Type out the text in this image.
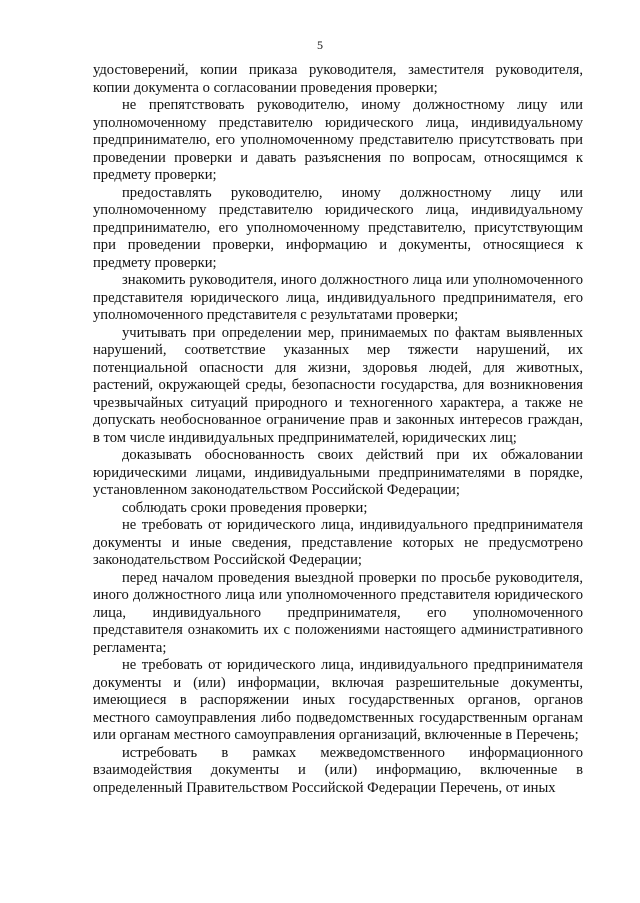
5

удостоверений, копии приказа руководителя, заместителя руководителя, копии документа о согласовании проведения проверки;

не препятствовать руководителю, иному должностному лицу или уполномоченному представителю юридического лица, индивидуальному предпринимателю, его уполномоченному представителю присутствовать при проведении проверки и давать разъяснения по вопросам, относящимся к предмету проверки;

предоставлять руководителю, иному должностному лицу или уполномоченному представителю юридического лица, индивидуальному предпринимателю, его уполномоченному представителю, присутствующим при проведении проверки, информацию и документы, относящиеся к предмету проверки;

знакомить руководителя, иного должностного лица или уполномоченного представителя юридического лица, индивидуального предпринимателя, его уполномоченного представителя с результатами проверки;

учитывать при определении мер, принимаемых по фактам выявленных нарушений, соответствие указанных мер тяжести нарушений, их потенциальной опасности для жизни, здоровья людей, для животных, растений, окружающей среды, безопасности государства, для возникновения чрезвычайных ситуаций природного и техногенного характера, а также не допускать необоснованное ограничение прав и законных интересов граждан, в том числе индивидуальных предпринимателей, юридических лиц;

доказывать обоснованность своих действий при их обжаловании юридическими лицами, индивидуальными предпринимателями в порядке, установленном законодательством Российской Федерации;

соблюдать сроки проведения проверки;

не требовать от юридического лица, индивидуального предпринимателя документы и иные сведения, представление которых не предусмотрено законодательством Российской Федерации;

перед началом проведения выездной проверки по просьбе руководителя, иного должностного лица или уполномоченного представителя юридического лица, индивидуального предпринимателя, его уполномоченного представителя ознакомить их с положениями настоящего административного регламента;

не требовать от юридического лица, индивидуального предпринимателя документы и (или) информации, включая разрешительные документы, имеющиеся в распоряжении иных государственных органов, органов местного самоуправления либо подведомственных государственным органам или органам местного самоуправления организаций, включенные в Перечень;

истребовать в рамках межведомственного информационного взаимодействия документы и (или) информацию, включенные в определенный Правительством Российской Федерации Перечень, от иных
